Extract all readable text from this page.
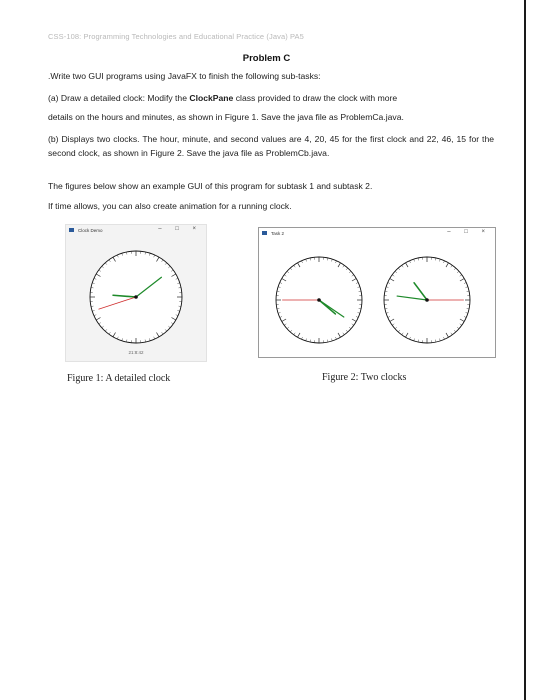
CSS-108: Programming Technologies and Educational Practice (Java) PA5
Problem C
.Write two GUI programs using JavaFX to finish the following sub-tasks:
(a) Draw a detailed clock: Modify the ClockPane class provided to draw the clock with more
details on the hours and minutes, as shown in Figure 1. Save the java file as ProblemCa.java.
(b) Displays two clocks. The hour, minute, and second values are 4, 20, 45 for the first clock and 22, 46, 15 for the second clock, as shown in Figure 2. Save the java file as ProblemCb.java.
The figures below show an example GUI of this program for subtask 1 and subtask 2.
If time allows, you can also create animation for a running clock.
Clock Demo	– □ ×
21:8:42
Figure 1: A detailed clock
Task 2	– □ ×
Figure 2: Two clocks
